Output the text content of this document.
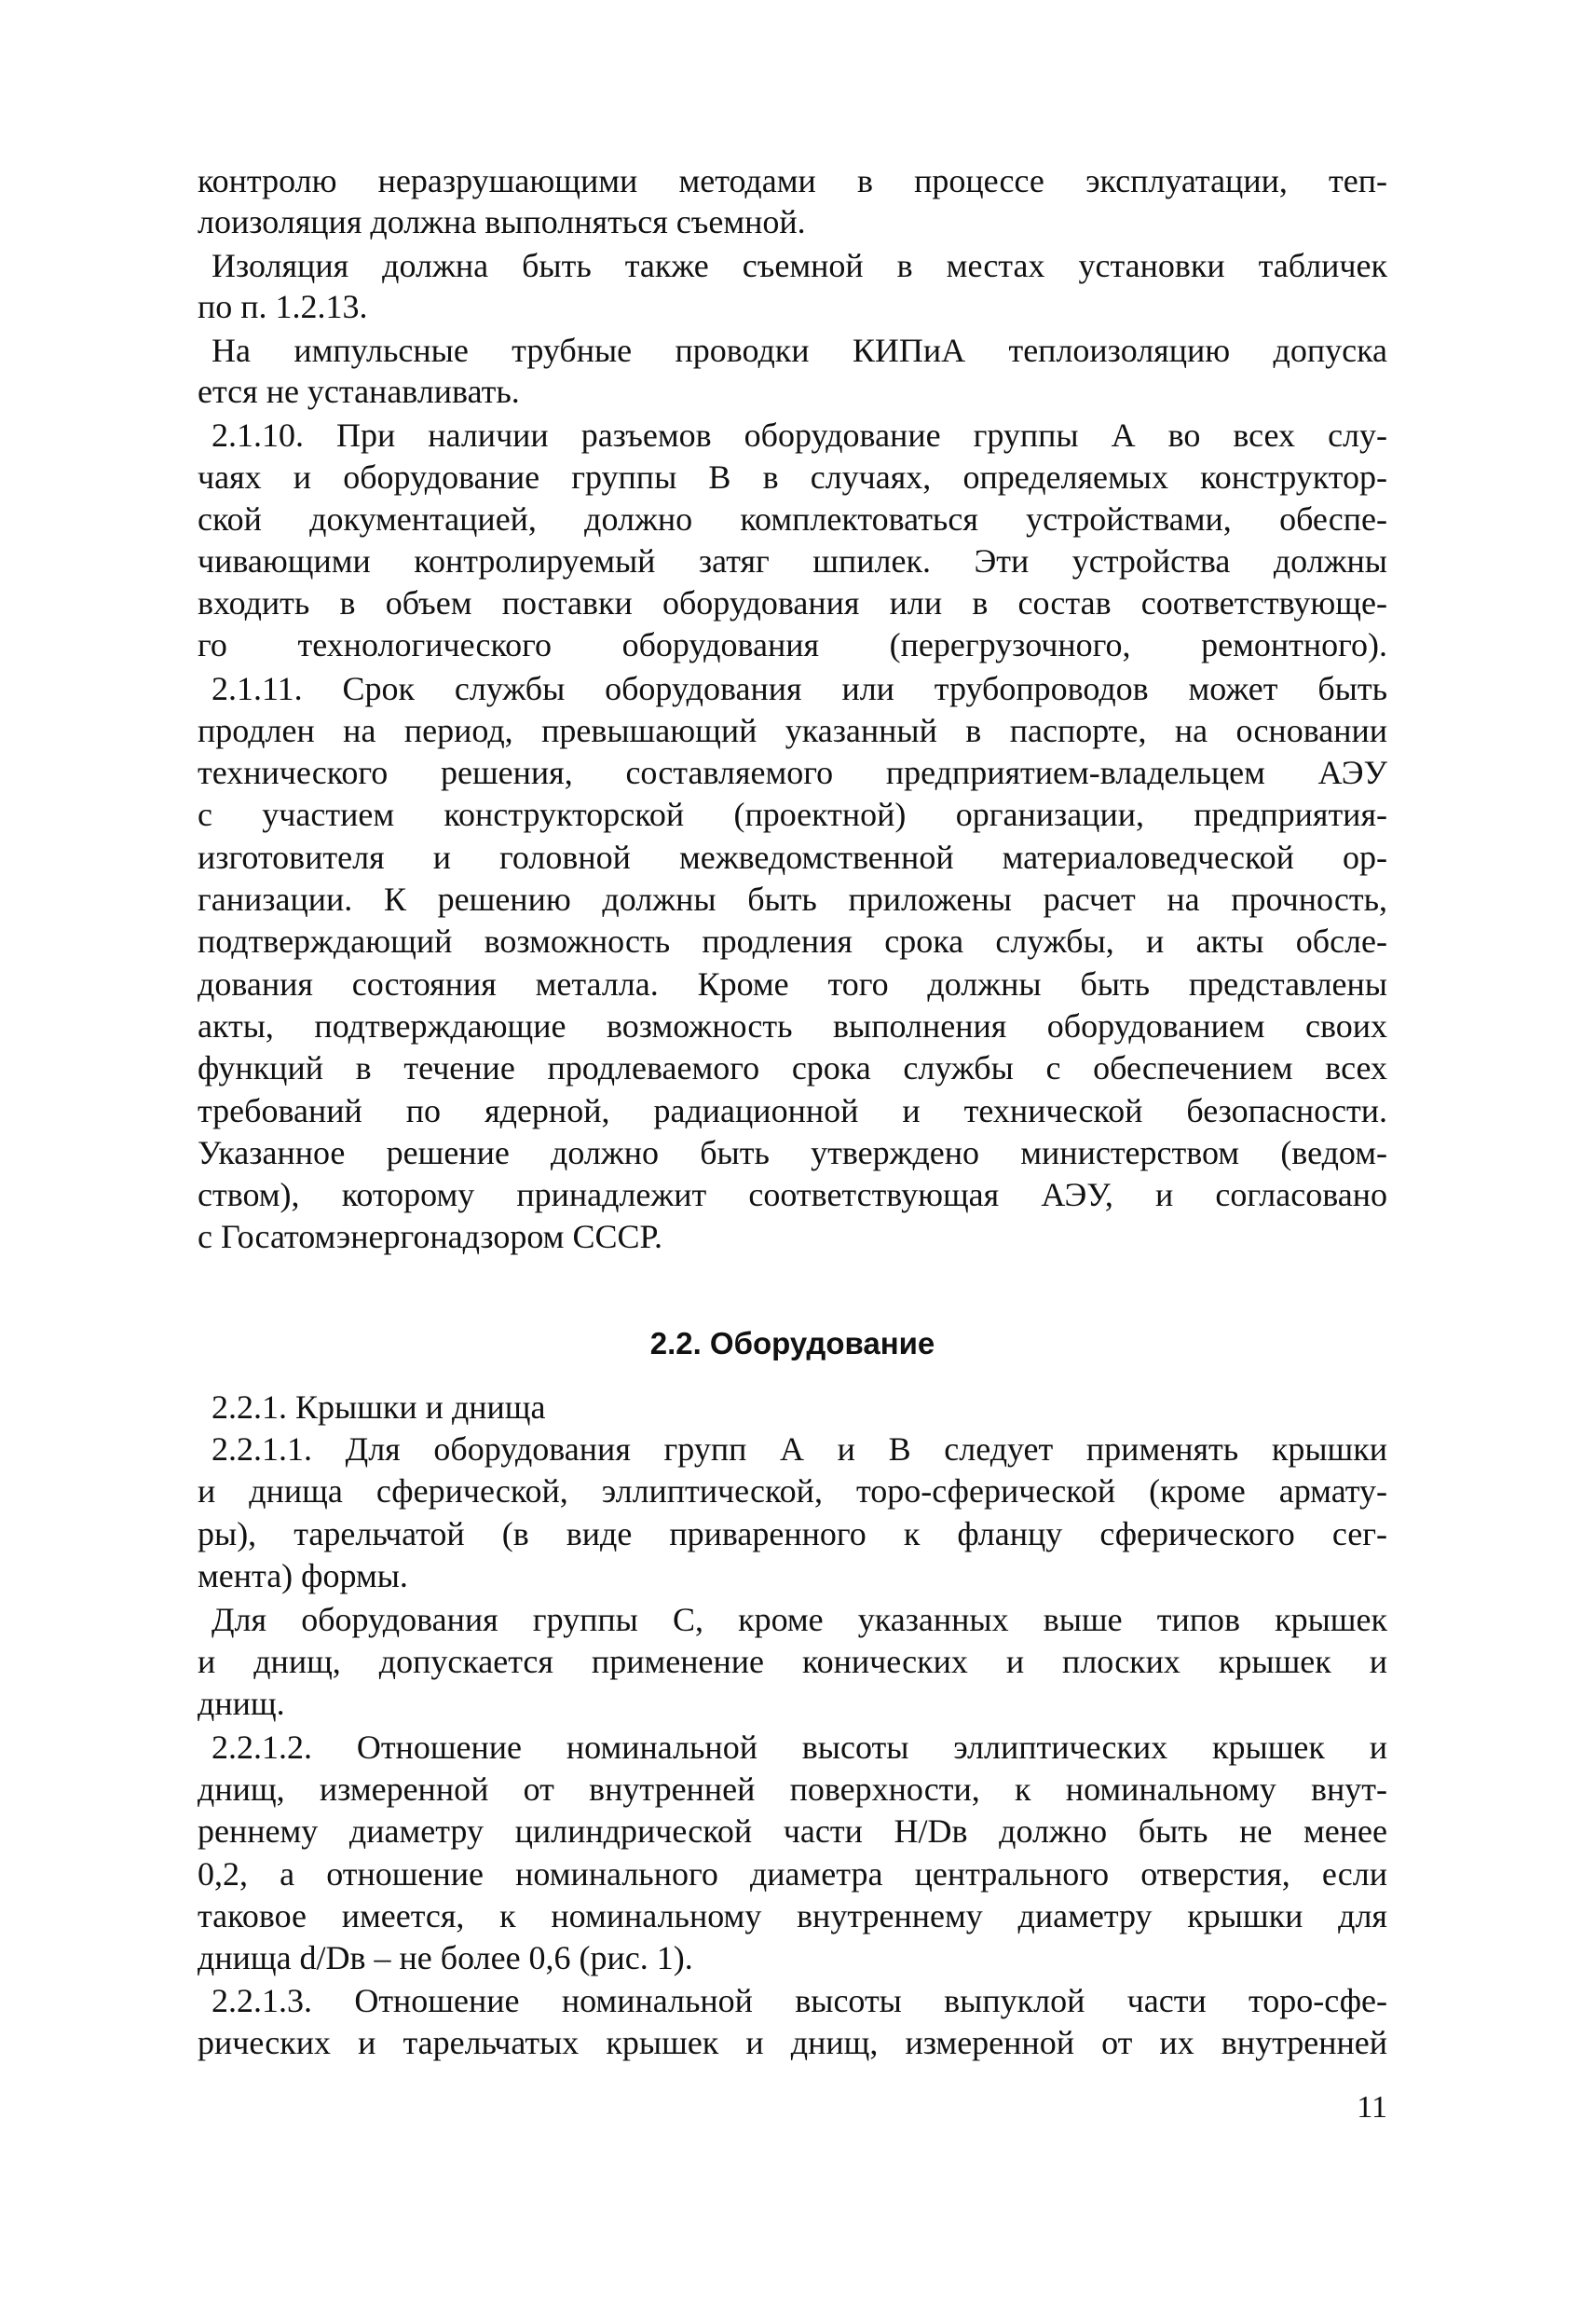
контролю неразрушающими методами в процессе эксплуатации, теп-
лоизоляция должна выполняться съемной.
Изоляция должна быть также съемной в местах установки табличек
по п. 1.2.13.
На импульсные трубные проводки КИПиА теплоизоляцию допуска
ется не устанавливать.
2.1.10. При наличии разъемов оборудование группы А во всех слу-
чаях и оборудование группы В в случаях, определяемых конструктор-
ской документацией, должно комплектоваться устройствами, обеспе-
чивающими контролируемый затяг шпилек. Эти устройства должны
входить в объем поставки оборудования или в состав соответствующе-
го технологического оборудования (перегрузочного, ремонтного).
2.1.11. Срок службы оборудования или трубопроводов может быть
продлен на период, превышающий указанный в паспорте, на основании
технического решения, составляемого предприятием-владельцем АЭУ
с участием конструкторской (проектной) организации, предприятия-
изготовителя и головной межведомственной материаловедческой ор-
ганизации. К решению должны быть приложены расчет на прочность,
подтверждающий возможность продления срока службы, и акты обсле-
дования состояния металла. Кроме того должны быть представлены
акты, подтверждающие возможность выполнения оборудованием своих
функций в течение продлеваемого срока службы с обеспечением всех
требований по ядерной, радиационной и технической безопасности.
Указанное решение должно быть утверждено министерством (ведом-
ством), которому принадлежит соответствующая АЭУ, и согласовано
с Госатомэнергонадзором СССР.
2.2. Оборудование
2.2.1. Крышки и днища
2.2.1.1. Для оборудования групп А и В следует применять крышки
и днища сферической, эллиптической, торо-сферической (кроме армату-
ры), тарельчатой (в виде приваренного к фланцу сферического сег-
мента) формы.
Для оборудования группы С, кроме указанных выше типов крышек
и днищ, допускается применение конических и плоских крышек и
днищ.
2.2.1.2. Отношение номинальной высоты эллиптических крышек и
днищ, измеренной от внутренней поверхности, к номинальному внут-
реннему диаметру цилиндрической части H/Dв должно быть не менее
0,2, а отношение номинального диаметра центрального отверстия, если
таковое имеется, к номинальному внутреннему диаметру крышки для
днища d/Dв – не более 0,6 (рис. 1).
2.2.1.3. Отношение номинальной высоты выпуклой части торо-сфе-
рических и тарельчатых крышек и днищ, измеренной от их внутренней
11
